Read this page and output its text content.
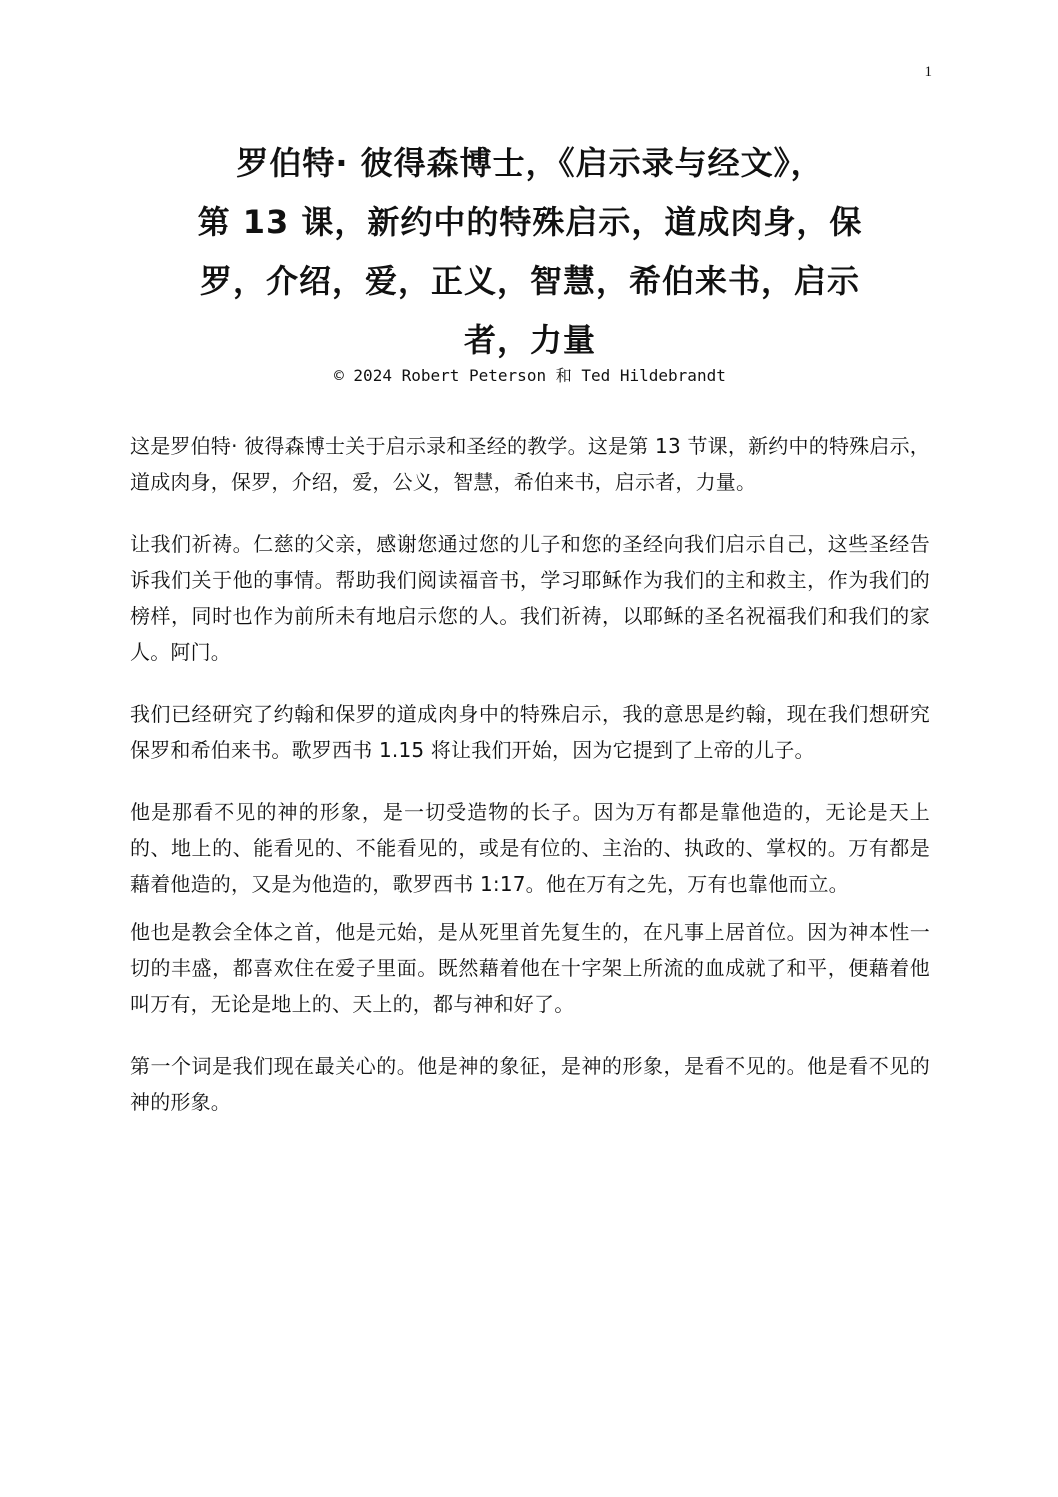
1
罗伯特· 彼得森博士，《启示录与经文》，
第 13 课，新约中的特殊启示，道成肉身，保
罗，介绍，爱，正义，智慧，希伯来书，启示
者，力量
© 2024 Robert Peterson 和 Ted Hildebrandt

这是罗伯特· 彼得森博士关于启示录和圣经的教学。这是第 13 节课，新约中的特殊启示，道成肉身，保罗，介绍，爱，公义，智慧，希伯来书，启示者，力量。

让我们祈祷。仁慈的父亲，感谢您通过您的儿子和您的圣经向我们启示自己，这些圣经告诉我们关于他的事情。帮助我们阅读福音书，学习耶稣作为我们的主和救主，作为我们的榜样，同时也作为前所未有地启示您的人。我们祈祷，以耶稣的圣名祝福我们和我们的家人。阿门。

我们已经研究了约翰和保罗的道成肉身中的特殊启示，我的意思是约翰，现在我们想研究保罗和希伯来书。歌罗西书 1.15 将让我们开始，因为它提到了上帝的儿子。

他是那看不见的神的形象，是一切受造物的长子。因为万有都是靠他造的，无论是天上的、地上的、能看见的、不能看见的，或是有位的、主治的、执政的、掌权的。万有都是藉着他造的，又是为他造的，歌罗西书 1:17。他在万有之先，万有也靠他而立。

他也是教会全体之首，他是元始，是从死里首先复生的，在凡事上居首位。因为神本性一切的丰盛，都喜欢住在爱子里面。既然藉着他在十字架上所流的血成就了和平，便藉着他叫万有，无论是地上的、天上的，都与神和好了。

第一个词是我们现在最关心的。他是神的象征，是神的形象，是看不见的。他是看不见的神的形象。
